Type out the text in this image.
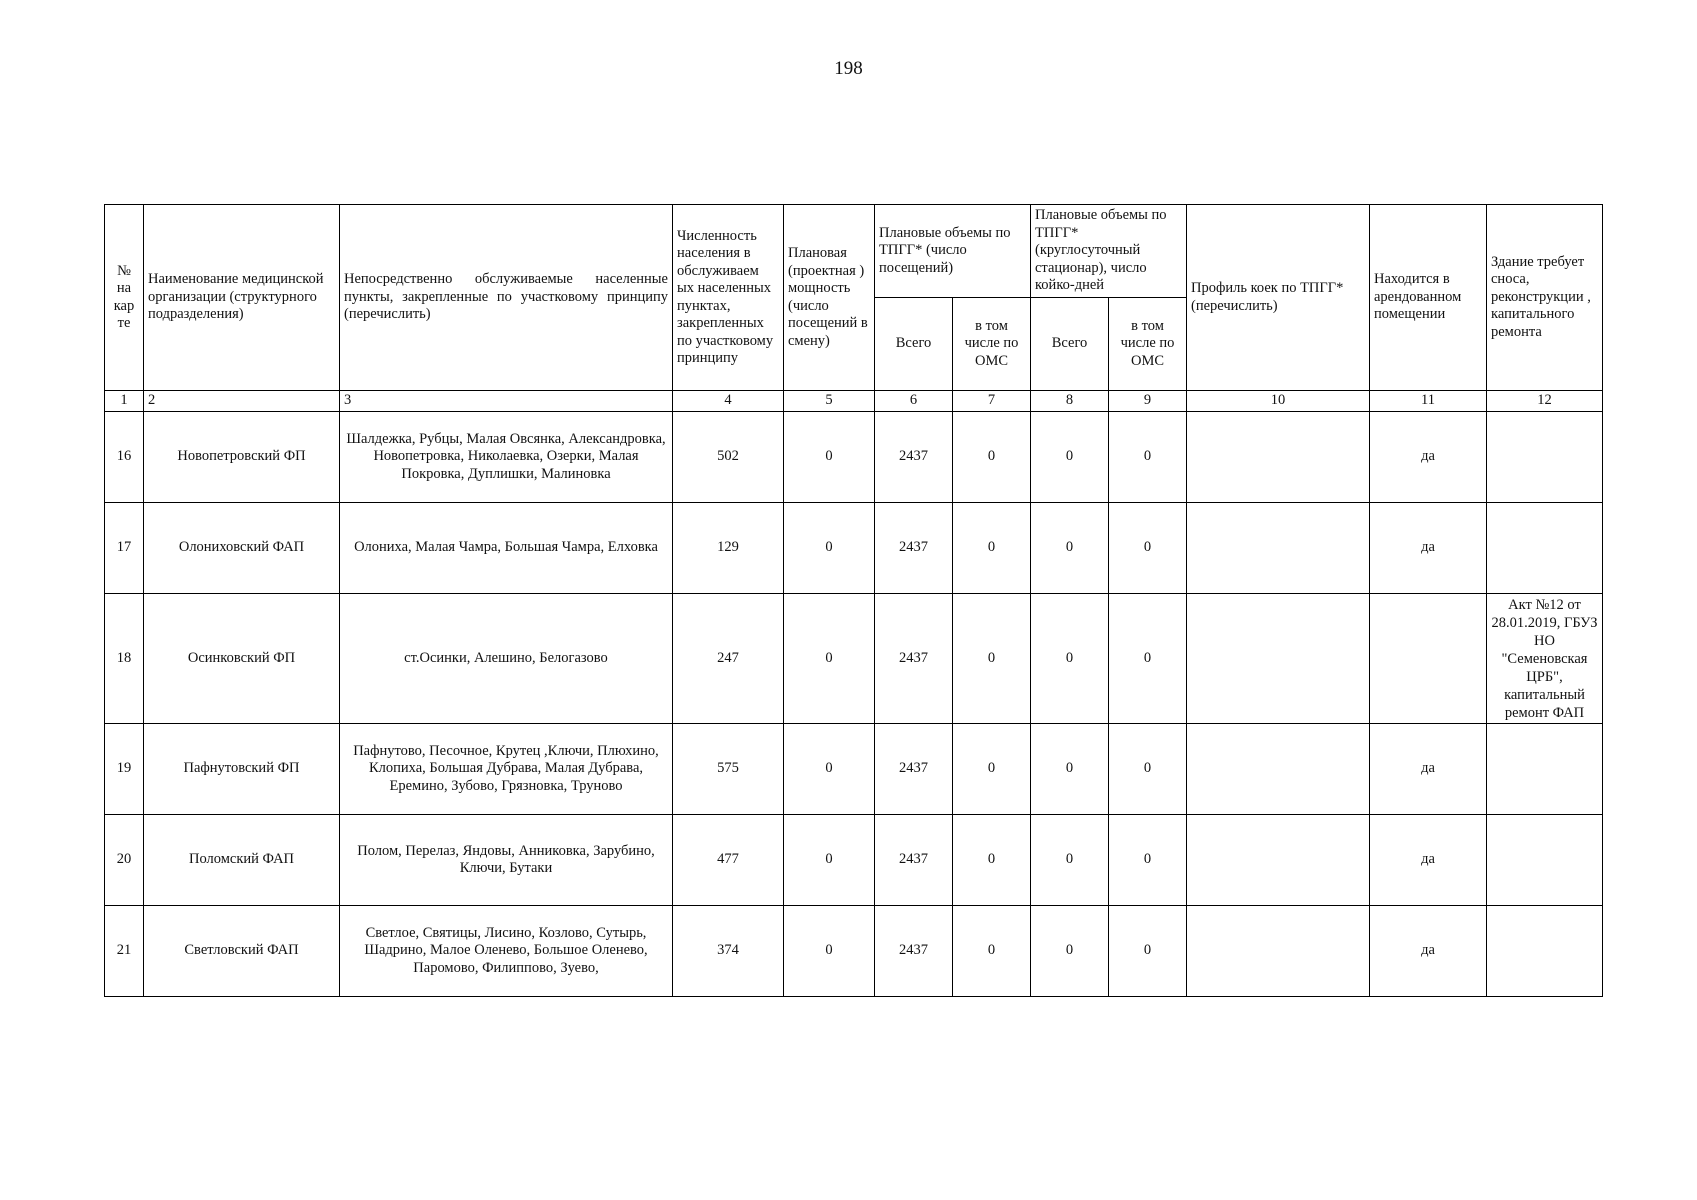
198
№ на кар те	Наименование медицинской организации (структурного подразделения)	Непосредственно обслуживаемые населенные пункты, закрепленные по участковому принципу (перечислить)	Численность населения в обслуживаем ых населенных пунктах, закрепленных по участковому принципу	Плановая (проектная ) мощность (число посещений в смену)	Плановые объемы по ТПГГ* (число посещений)		Плановые объемы по ТПГГ* (круглосуточный стационар), число койко-дней		Профиль коек по ТПГГ* (перечислить)	Находится в арендованном помещении	Здание требует сноса, реконструкции , капитального ремонта
					Всего	в том числе по ОМС	Всего	в том числе по ОМС			
1	2	3	4	5	6	7	8	9	10	11	12
16	Новопетровский ФП	Шалдежка, Рубцы, Малая Овсянка, Александровка, Новопетровка, Николаевка, Озерки, Малая Покровка, Дуплишки, Малиновка	502	0	2437	0	0	0		да	
17	Олониховский ФАП	Олониха, Малая Чамра, Большая Чамра, Елховка	129	0	2437	0	0	0		да	
18	Осинковский ФП	ст.Осинки, Алешино, Белогазово	247	0	2437	0	0	0			Акт №12 от 28.01.2019, ГБУЗ НО "Семеновская ЦРБ", капитальный ремонт ФАП
19	Пафнутовский ФП	Пафнутово, Песочное, Крутец ,Ключи, Плюхино, Клопиха, Большая Дубрава, Малая Дубрава, Еремино, Зубово, Грязновка, Труново	575	0	2437	0	0	0		да	
20	Поломский ФАП	Полом, Перелаз, Яндовы, Анниковка, Зарубино, Ключи, Бутаки	477	0	2437	0	0	0		да	
21	Светловский ФАП	Светлое, Святицы, Лисино, Козлово, Сутырь, Шадрино, Малое Оленево, Большое Оленево, Паромово, Филиппово, Зуево,	374	0	2437	0	0	0		да	
